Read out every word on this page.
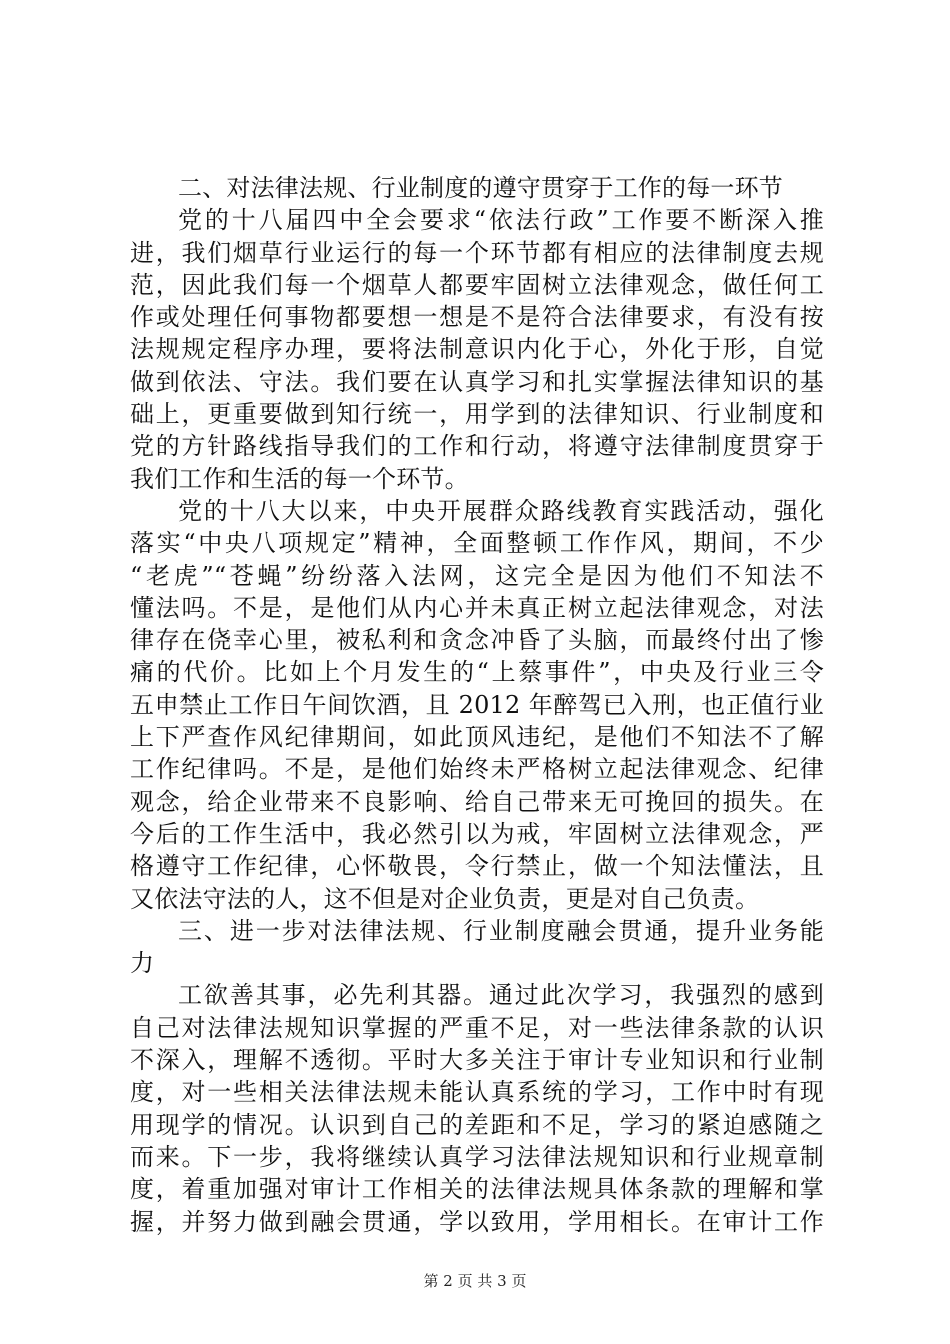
二、对法律法规、行业制度的遵守贯穿于工作的每一环节
党的十八届四中全会要求“依法行政”工作要不断深入推
进，我们烟草行业运行的每一个环节都有相应的法律制度去规
范，因此我们每一个烟草人都要牢固树立法律观念，做任何工
作或处理任何事物都要想一想是不是符合法律要求，有没有按
法规规定程序办理，要将法制意识内化于心，外化于形，自觉
做到依法、守法。我们要在认真学习和扎实掌握法律知识的基
础上，更重要做到知行统一，用学到的法律知识、行业制度和
党的方针路线指导我们的工作和行动，将遵守法律制度贯穿于
我们工作和生活的每一个环节。
党的十八大以来，中央开展群众路线教育实践活动，强化
落实“中央八项规定”精神，全面整顿工作作风，期间，不少
“老虎”“苍蝇”纷纷落入法网，这完全是因为他们不知法不
懂法吗。不是，是他们从内心并未真正树立起法律观念，对法
律存在侥幸心里，被私利和贪念冲昏了头脑，而最终付出了惨
痛的代价。比如上个月发生的“上蔡事件”，中央及行业三令
五申禁止工作日午间饮酒，且 2012 年醉驾已入刑，也正值行业
上下严查作风纪律期间，如此顶风违纪，是他们不知法不了解
工作纪律吗。不是，是他们始终未严格树立起法律观念、纪律
观念，给企业带来不良影响、给自己带来无可挽回的损失。在
今后的工作生活中，我必然引以为戒，牢固树立法律观念，严
格遵守工作纪律，心怀敬畏，令行禁止，做一个知法懂法，且
又依法守法的人，这不但是对企业负责，更是对自己负责。
三、进一步对法律法规、行业制度融会贯通，提升业务能
力
工欲善其事，必先利其器。通过此次学习，我强烈的感到
自己对法律法规知识掌握的严重不足，对一些法律条款的认识
不深入，理解不透彻。平时大多关注于审计专业知识和行业制
度，对一些相关法律法规未能认真系统的学习，工作中时有现
用现学的情况。认识到自己的差距和不足，学习的紧迫感随之
而来。下一步，我将继续认真学习法律法规知识和行业规章制
度，着重加强对审计工作相关的法律法规具体条款的理解和掌
握，并努力做到融会贯通，学以致用，学用相长。在审计工作
第 2 页 共 3 页
